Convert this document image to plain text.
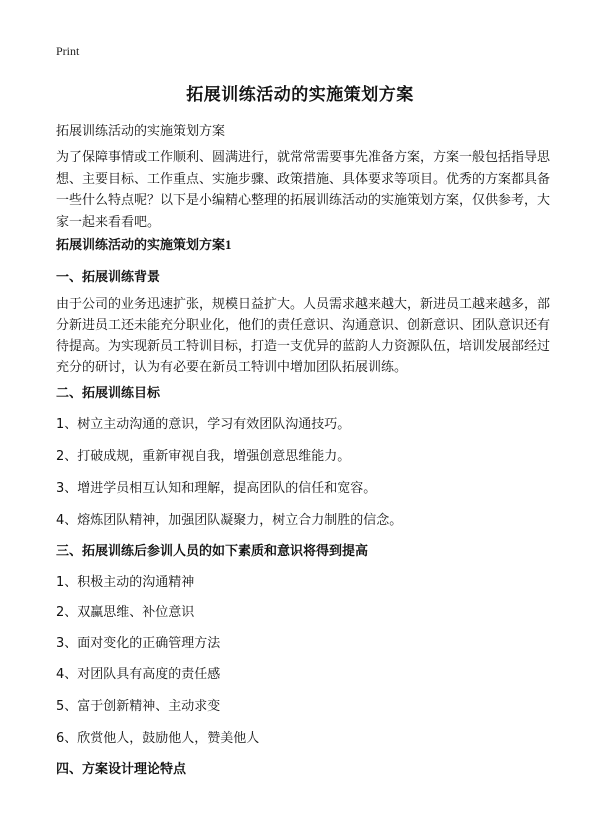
Print
拓展训练活动的实施策划方案

拓展训练活动的实施策划方案

为了保障事情或工作顺利、圆满进行，就常常需要事先准备方案，方案一般包括指导思想、主要目标、工作重点、实施步骤、政策措施、具体要求等项目。优秀的方案都具备一些什么特点呢？以下是小编精心整理的拓展训练活动的实施策划方案，仅供参考，大家一起来看看吧。

拓展训练活动的实施策划方案1
一、拓展训练背景

由于公司的业务迅速扩张，规模日益扩大。人员需求越来越大，新进员工越来越多，部分新进员工还未能充分职业化，他们的责任意识、沟通意识、创新意识、团队意识还有待提高。为实现新员工特训目标，打造一支优异的蓝韵人力资源队伍，培训发展部经过充分的研讨，认为有必要在新员工特训中增加团队拓展训练。

二、拓展训练目标

1、树立主动沟通的意识，学习有效团队沟通技巧。

2、打破成规，重新审视自我，增强创意思维能力。

3、增进学员相互认知和理解，提高团队的信任和宽容。

4、熔炼团队精神，加强团队凝聚力，树立合力制胜的信念。

三、拓展训练后参训人员的如下素质和意识将得到提高

1、积极主动的沟通精神

2、双赢思维、补位意识

3、面对变化的正确管理方法

4、对团队具有高度的责任感

5、富于创新精神、主动求变

6、欣赏他人，鼓励他人，赞美他人

四、方案设计理论特点
